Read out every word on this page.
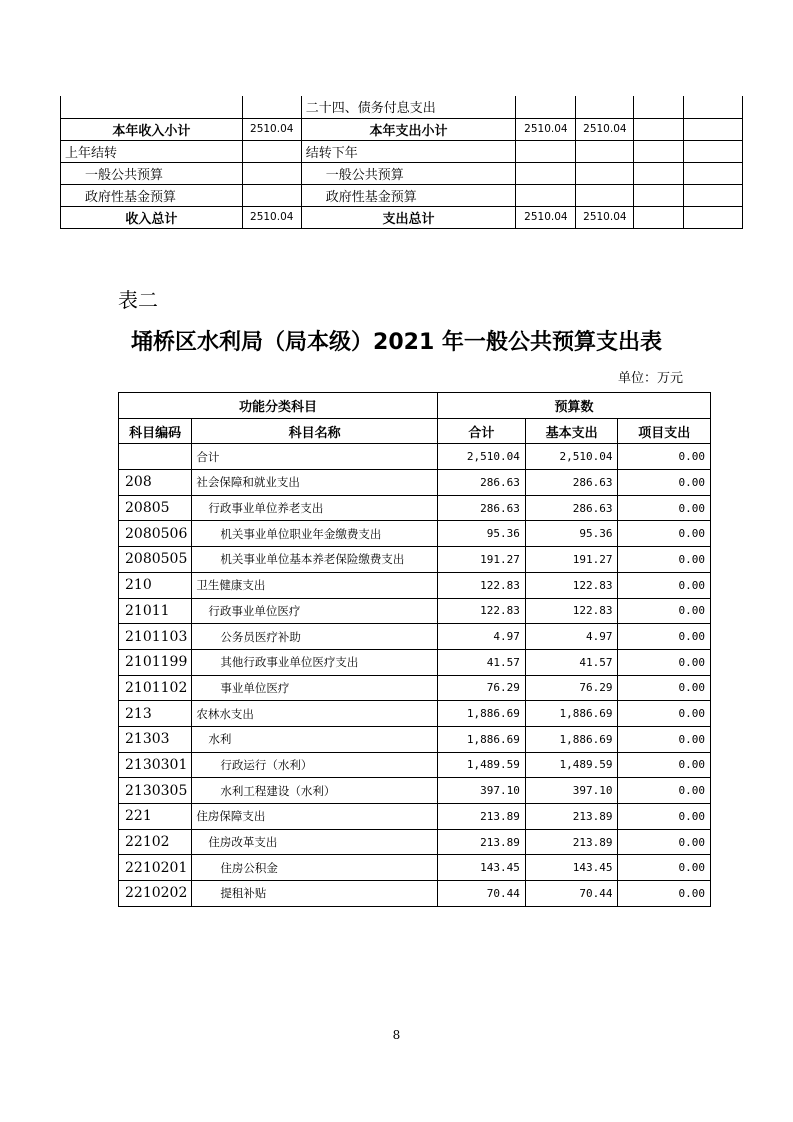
		二十四、债务付息支出				
本年收入小计	2510.04	本年支出小计	2510.04	2510.04		
上年结转		结转下年				
一般公共预算		一般公共预算				
政府性基金预算		政府性基金预算				
收入总计	2510.04	支出总计	2510.04	2510.04		
表二
埇桥区水利局（局本级）2021 年一般公共预算支出表
单位：万元
功能分类科目		预算数		
科目编码	科目名称	合计	基本支出	项目支出
	合计	2,510.04	2,510.04	0.00
208	社会保障和就业支出	286.63	286.63	0.00
20805	行政事业单位养老支出	286.63	286.63	0.00
2080506	机关事业单位职业年金缴费支出	95.36	95.36	0.00
2080505	机关事业单位基本养老保险缴费支出	191.27	191.27	0.00
210	卫生健康支出	122.83	122.83	0.00
21011	行政事业单位医疗	122.83	122.83	0.00
2101103	公务员医疗补助	4.97	4.97	0.00
2101199	其他行政事业单位医疗支出	41.57	41.57	0.00
2101102	事业单位医疗	76.29	76.29	0.00
213	农林水支出	1,886.69	1,886.69	0.00
21303	水利	1,886.69	1,886.69	0.00
2130301	行政运行（水利）	1,489.59	1,489.59	0.00
2130305	水利工程建设（水利）	397.10	397.10	0.00
221	住房保障支出	213.89	213.89	0.00
22102	住房改革支出	213.89	213.89	0.00
2210201	住房公积金	143.45	143.45	0.00
2210202	提租补贴	70.44	70.44	0.00
8
